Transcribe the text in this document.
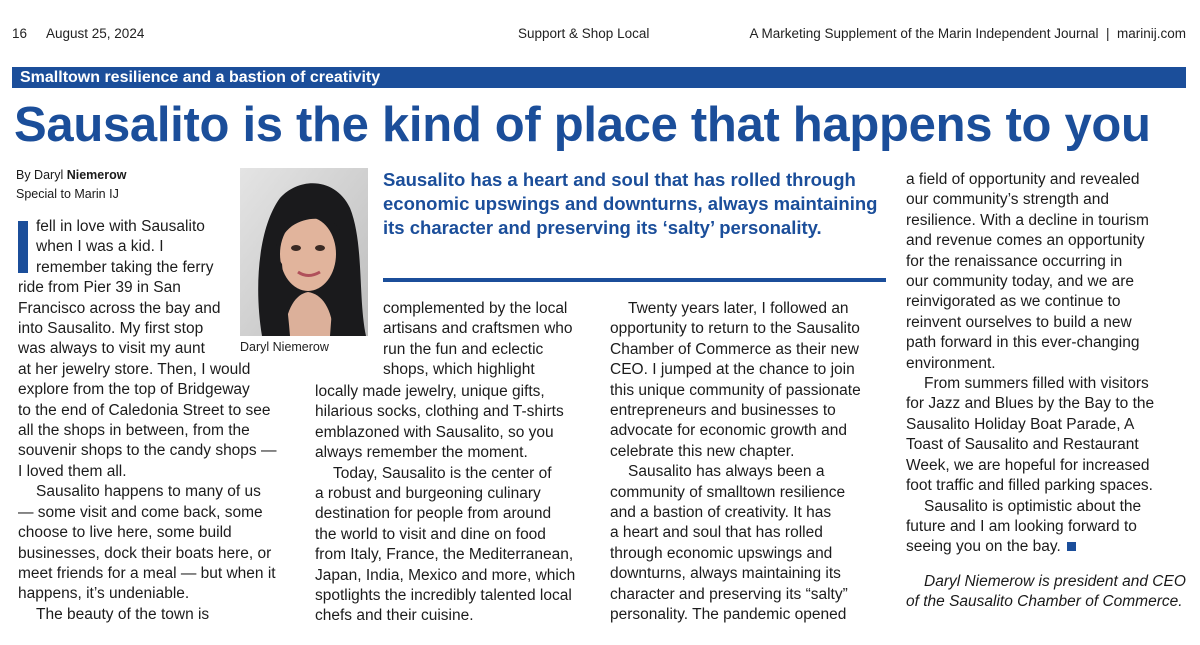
16 August 25, 2024	Support & Shop Local	A Marketing Supplement of the Marin Independent Journal  |  marinij.com
Smalltown resilience and a bastion of creativity
Sausalito is the kind of place that happens to you
By Daryl Niemerow
Special to Marin IJ
Daryl Niemerow
Sausalito has a heart and soul that has rolled through economic upswings and downturns, always maintaining its character and preserving its ‘salty’ personality.
fell in love with Sausalito
when I was a kid. I
remember taking the ferry
ride from Pier 39 in San
Francisco across the bay and
into Sausalito. My first stop
was always to visit my aunt
at her jewelry store. Then, I would
explore from the top of Bridgeway
to the end of Caledonia Street to see
all the shops in between, from the
souvenir shops to the candy shops —
I loved them all.
Sausalito happens to many of us
— some visit and come back, some
choose to live here, some build
businesses, dock their boats here, or
meet friends for a meal — but when it
happens, it’s undeniable.
The beauty of the town is
complemented by the local
artisans and craftsmen who
run the fun and eclectic
shops, which highlight
locally made jewelry, unique gifts,
hilarious socks, clothing and T-shirts
emblazoned with Sausalito, so you
always remember the moment.
Today, Sausalito is the center of
a robust and burgeoning culinary
destination for people from around
the world to visit and dine on food
from Italy, France, the Mediterranean,
Japan, India, Mexico and more, which
spotlights the incredibly talented local
chefs and their cuisine.
Twenty years later, I followed an
opportunity to return to the Sausalito
Chamber of Commerce as their new
CEO. I jumped at the chance to join
this unique community of passionate
entrepreneurs and businesses to
advocate for economic growth and
celebrate this new chapter.
Sausalito has always been a
community of smalltown resilience
and a bastion of creativity. It has
a heart and soul that has rolled
through economic upswings and
downturns, always maintaining its
character and preserving its “salty”
personality. The pandemic opened
a field of opportunity and revealed
our community’s strength and
resilience. With a decline in tourism
and revenue comes an opportunity
for the renaissance occurring in
our community today, and we are
reinvigorated as we continue to
reinvent ourselves to build a new
path forward in this ever-changing
environment.
From summers filled with visitors
for Jazz and Blues by the Bay to the
Sausalito Holiday Boat Parade, A
Toast of Sausalito and Restaurant
Week, we are hopeful for increased
foot traffic and filled parking spaces.
Sausalito is optimistic about the
future and I am looking forward to
seeing you on the bay.
Daryl Niemerow is president and CEO of the Sausalito Chamber of Commerce.
